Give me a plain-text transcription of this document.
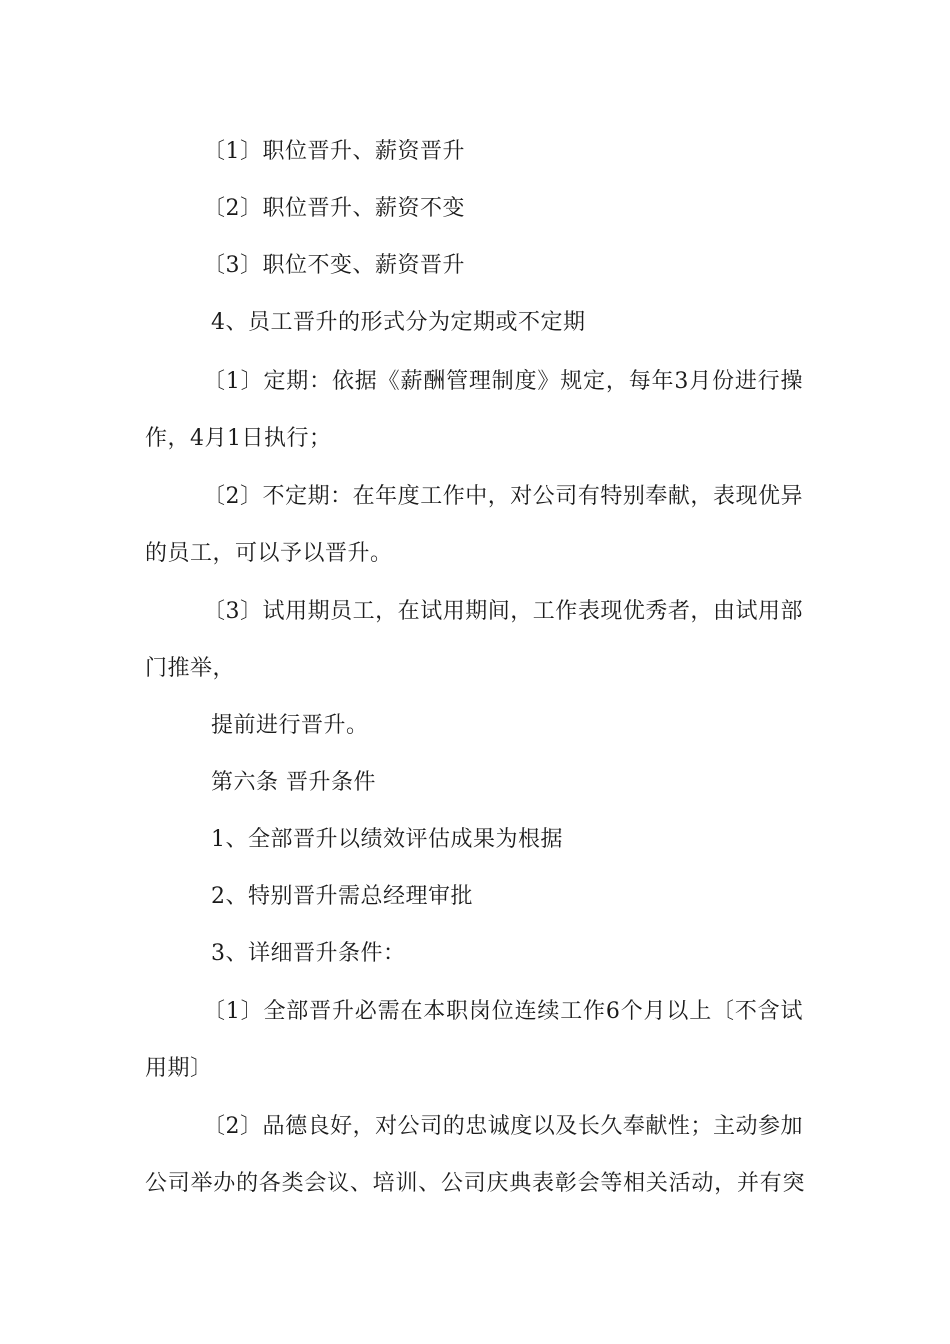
〔1〕职位晋升、薪资晋升
〔2〕职位晋升、薪资不变
〔3〕职位不变、薪资晋升
4、员工晋升的形式分为定期或不定期
〔1〕定期：依据《薪酬管理制度》规定，每年3月份进行操
作，4月1日执行；
〔2〕不定期：在年度工作中，对公司有特别奉献，表现优异
的员工，可以予以晋升。
〔3〕试用期员工，在试用期间，工作表现优秀者，由试用部
门推举，
提前进行晋升。
第六条 晋升条件
1、全部晋升以绩效评估成果为根据
2、特别晋升需总经理审批
3、详细晋升条件：
〔1〕全部晋升必需在本职岗位连续工作6个月以上〔不含试
用期〕
〔2〕品德良好，对公司的忠诚度以及长久奉献性；主动参加
公司举办的各类会议、培训、公司庆典表彰会等相关活动，并有突
